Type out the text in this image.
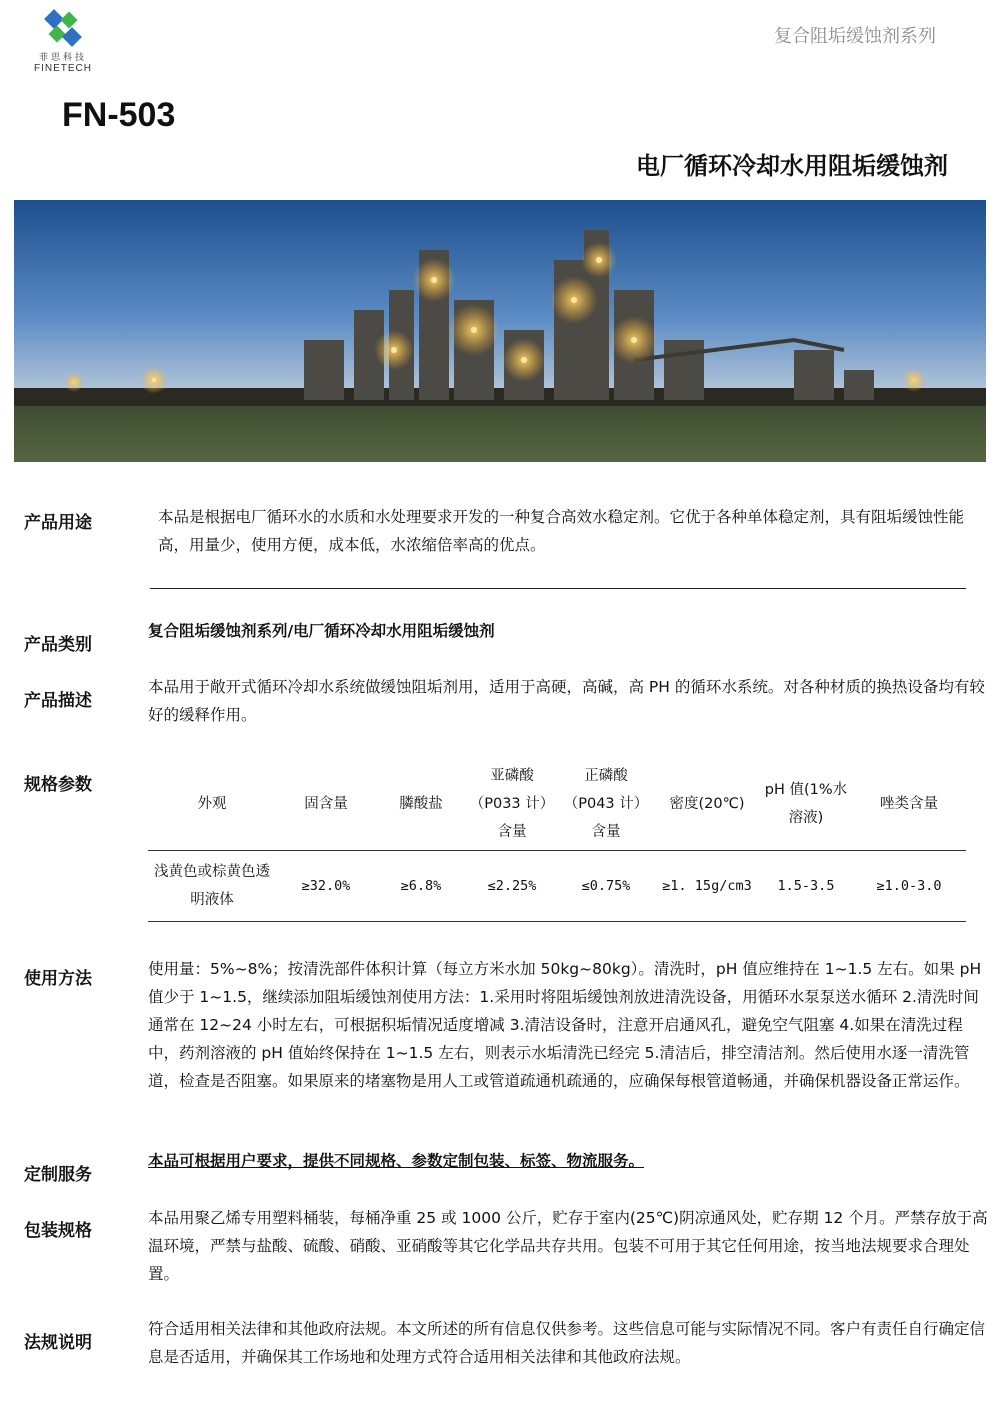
菲思科技
FINETECH
复合阻垢缓蚀剂系列
FN-503
电厂循环冷却水用阻垢缓蚀剂
产品用途	本品是根据电厂循环水的水质和水处理要求开发的一种复合高效水稳定剂。它优于各种单体稳定剂，具有阻垢缓蚀性能高，用量少，使用方便，成本低，水浓缩倍率高的优点。
产品类别
复合阻垢缓蚀剂系列/电厂循环冷却水用阻垢缓蚀剂
产品描述
本品用于敞开式循环冷却水系统做缓蚀阻垢剂用，适用于高硬，高碱，高 PH 的循环水系统。对各种材质的换热设备均有较好的缓释作用。
规格参数
外观	固含量	膦酸盐	亚磷酸（P033 计）含量	正磷酸（P043 计）含量	密度(20℃)	pH 值(1%水溶液)	唑类含量
浅黄色或棕黄色透明液体	≥32.0%	≥6.8%	≤2.25%	≤0.75%	≥1. 15g/cm3	1.5-3.5	≥1.0-3.0
使用方法	使用量：5%~8%；按清洗部件体积计算（每立方米水加 50kg~80kg）。清洗时，pH 值应维持在 1~1.5 左右。如果 pH 值少于 1~1.5，继续添加阻垢缓蚀剂使用方法：1.采用时将阻垢缓蚀剂放进清洗设备，用循环水泵泵送水循环 2.清洗时间通常在 12~24 小时左右，可根据积垢情况适度增减 3.清洁设备时，注意开启通风孔，避免空气阻塞 4.如果在清洗过程中，药剂溶液的 pH 值始终保持在 1~1.5 左右，则表示水垢清洗已经完 5.清洁后，排空清洁剂。然后使用水逐一清洗管道，检查是否阻塞。如果原来的堵塞物是用人工或管道疏通机疏通的，应确保每根管道畅通，并确保机器设备正常运作。
定制服务
本品可根据用户要求，提供不同规格、参数定制包装、标签、物流服务。
包装规格
本品用聚乙烯专用塑料桶装，每桶净重 25 或 1000 公斤，贮存于室内(25℃)阴凉通风处，贮存期 12 个月。严禁存放于高温环境，严禁与盐酸、硫酸、硝酸、亚硝酸等其它化学品共存共用。包装不可用于其它任何用途，按当地法规要求合理处置。
法规说明
符合适用相关法律和其他政府法规。本文所述的所有信息仅供参考。这些信息可能与实际情况不同。客户有责任自行确定信息是否适用，并确保其工作场地和处理方式符合适用相关法律和其他政府法规。
